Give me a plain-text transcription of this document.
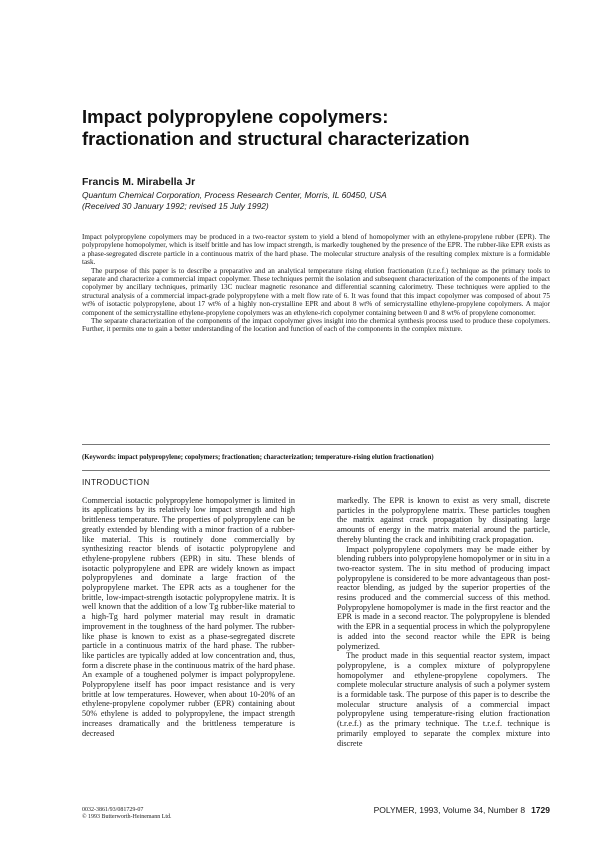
Impact polypropylene copolymers:
fractionation and structural characterization

Francis M. Mirabella Jr

Quantum Chemical Corporation, Process Research Center, Morris, IL 60450, USA
(Received 30 January 1992; revised 15 July 1992)

Impact polypropylene copolymers may be produced in a two-reactor system to yield a blend of homopolymer with an ethylene-propylene rubber (EPR). The polypropylene homopolymer, which is itself brittle and has low impact strength, is markedly toughened by the presence of the EPR. The rubber-like EPR exists as a phase-segregated discrete particle in a continuous matrix of the hard phase. The molecular structure analysis of the resulting complex mixture is a formidable task.

The purpose of this paper is to describe a preparative and an analytical temperature rising elution fractionation (t.r.e.f.) technique as the primary tools to separate and characterize a commercial impact copolymer. These techniques permit the isolation and subsequent characterization of the components of the impact copolymer by ancillary techniques, primarily 13C nuclear magnetic resonance and differential scanning calorimetry. These techniques were applied to the structural analysis of a commercial impact-grade polypropylene with a melt flow rate of 6. It was found that this impact copolymer was composed of about 75 wt% of isotactic polypropylene, about 17 wt% of a highly non-crystalline EPR and about 8 wt% of semicrystalline ethylene-propylene copolymers. A major component of the semicrystalline ethylene-propylene copolymers was an ethylene-rich copolymer containing between 0 and 8 wt% of propylene comonomer.

The separate characterization of the components of the impact copolymer gives insight into the chemical synthesis process used to produce these copolymers. Further, it permits one to gain a better understanding of the location and function of each of the components in the complex mixture.

(Keywords: impact polypropylene; copolymers; fractionation; characterization; temperature-rising elution fractionation)

INTRODUCTION

Commercial isotactic polypropylene homopolymer is limited in its applications by its relatively low impact strength and high brittleness temperature. The properties of polypropylene can be greatly extended by blending with a minor fraction of a rubber-like material. This is routinely done commercially by synthesizing reactor blends of isotactic polypropylene and ethylene-propylene rubbers (EPR) in situ. These blends of isotactic polypropylene and EPR are widely known as impact polypropylenes and dominate a large fraction of the polypropylene market. The EPR acts as a toughener for the brittle, low-impact-strength isotactic polypropylene matrix. It is well known that the addition of a low Tg rubber-like material to a high-Tg hard polymer material may result in dramatic improvement in the toughness of the hard polymer. The rubber-like phase is known to exist as a phase-segregated discrete particle in a continuous matrix of the hard phase. The rubber-like particles are typically added at low concentration and, thus, form a discrete phase in the continuous matrix of the hard phase. An example of a toughened polymer is impact polypropylene. Polypropylene itself has poor impact resistance and is very brittle at low temperatures. However, when about 10-20% of an ethylene-propylene copolymer rubber (EPR) containing about 50% ethylene is added to polypropylene, the impact strength increases dramatically and the brittleness temperature is decreased

markedly. The EPR is known to exist as very small, discrete particles in the polypropylene matrix. These particles toughen the matrix against crack propagation by dissipating large amounts of energy in the matrix material around the particle, thereby blunting the crack and inhibiting crack propagation.

Impact polypropylene copolymers may be made either by blending rubbers into polypropylene homopolymer or in situ in a two-reactor system. The in situ method of producing impact polypropylene is considered to be more advantageous than post-reactor blending, as judged by the superior properties of the resins produced and the commercial success of this method. Polypropylene homopolymer is made in the first reactor and the EPR is made in a second reactor. The polypropylene is blended with the EPR in a sequential process in which the polypropylene is added into the second reactor while the EPR is being polymerized.

The product made in this sequential reactor system, impact polypropylene, is a complex mixture of polypropylene homopolymer and ethylene-propylene copolymers. The complete molecular structure analysis of such a polymer system is a formidable task. The purpose of this paper is to describe the molecular structure analysis of a commercial impact polypropylene using temperature-rising elution fractionation (t.r.e.f.) as the primary technique. The t.r.e.f. technique is primarily employed to separate the complex mixture into discrete

0032-3861/93/081729-07
© 1993 Butterworth-Heinemann Ltd.

POLYMER, 1993, Volume 34, Number 8 1729
